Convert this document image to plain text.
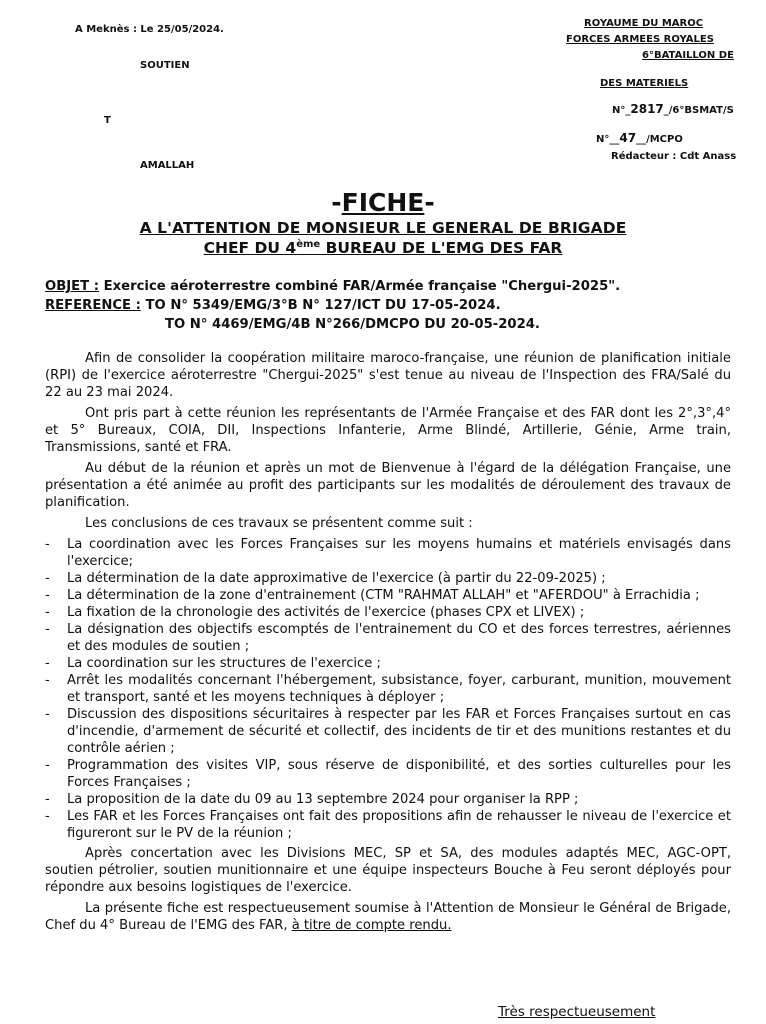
A Meknès : Le 25/05/2024.
SOUTIEN
T
AMALLAH
ROYAUME DU MAROC
FORCES ARMEES ROYALES
6°BATAILLON DE
DES MATERIELS
N°_2817_/6°BSMAT/S
N°__47__/MCPO
Rédacteur : Cdt Anass
-FICHE-
A L'ATTENTION DE MONSIEUR LE GENERAL DE BRIGADE
CHEF DU 4ème BUREAU DE L'EMG DES FAR
OBJET : Exercice aéroterrestre combiné FAR/Armée française "Chergui-2025".
REFERENCE : TO N° 5349/EMG/3°B N° 127/ICT DU 17-05-2024.
TO N° 4469/EMG/4B N°266/DMCPO DU 20-05-2024.

Afin de consolider la coopération militaire maroco-française, une réunion de planification initiale (RPI) de l'exercice aéroterrestre "Chergui-2025" s'est tenue au niveau de l'Inspection des FRA/Salé du 22 au 23 mai 2024.

Ont pris part à cette réunion les représentants de l'Armée Française et des FAR dont les 2°,3°,4° et 5° Bureaux, COIA, DII, Inspections Infanterie, Arme Blindé, Artillerie, Génie, Arme train, Transmissions, santé et FRA.

Au début de la réunion et après un mot de Bienvenue à l'égard de la délégation Française, une présentation a été animée au profit des participants sur les modalités de déroulement des travaux de planification.

Les conclusions de ces travaux se présentent comme suit :

- La coordination avec les Forces Françaises sur les moyens humains et matériels envisagés dans l'exercice;
- La détermination de la date approximative de l'exercice (à partir du 22-09-2025) ;
- La détermination de la zone d'entrainement (CTM "RAHMAT ALLAH" et "AFERDOU" à Errachidia ;
- La fixation de la chronologie des activités de l'exercice (phases CPX et LIVEX) ;
- La désignation des objectifs escomptés de l'entrainement du CO et des forces terrestres, aériennes et des modules de soutien ;
- La coordination sur les structures de l'exercice ;
- Arrêt les modalités concernant l'hébergement, subsistance, foyer, carburant, munition, mouvement et transport, santé et les moyens techniques à déployer ;
- Discussion des dispositions sécuritaires à respecter par les FAR et Forces Françaises surtout en cas d'incendie, d'armement de sécurité et collectif, des incidents de tir et des munitions restantes et du contrôle aérien ;
- Programmation des visites VIP, sous réserve de disponibilité, et des sorties culturelles pour les Forces Françaises ;
- La proposition de la date du 09 au 13 septembre 2024 pour organiser la RPP ;
- Les FAR et les Forces Françaises ont fait des propositions afin de rehausser le niveau de l'exercice et figureront sur le PV de la réunion ;

Après concertation avec les Divisions MEC, SP et SA, des modules adaptés MEC, AGC-OPT, soutien pétrolier, soutien munitionnaire et une équipe inspecteurs Bouche à Feu seront déployés pour répondre aux besoins logistiques de l'exercice.

La présente fiche est respectueusement soumise à l'Attention de Monsieur le Général de Brigade, Chef du 4° Bureau de l'EMG des FAR, à titre de compte rendu.

Très respectueusement
